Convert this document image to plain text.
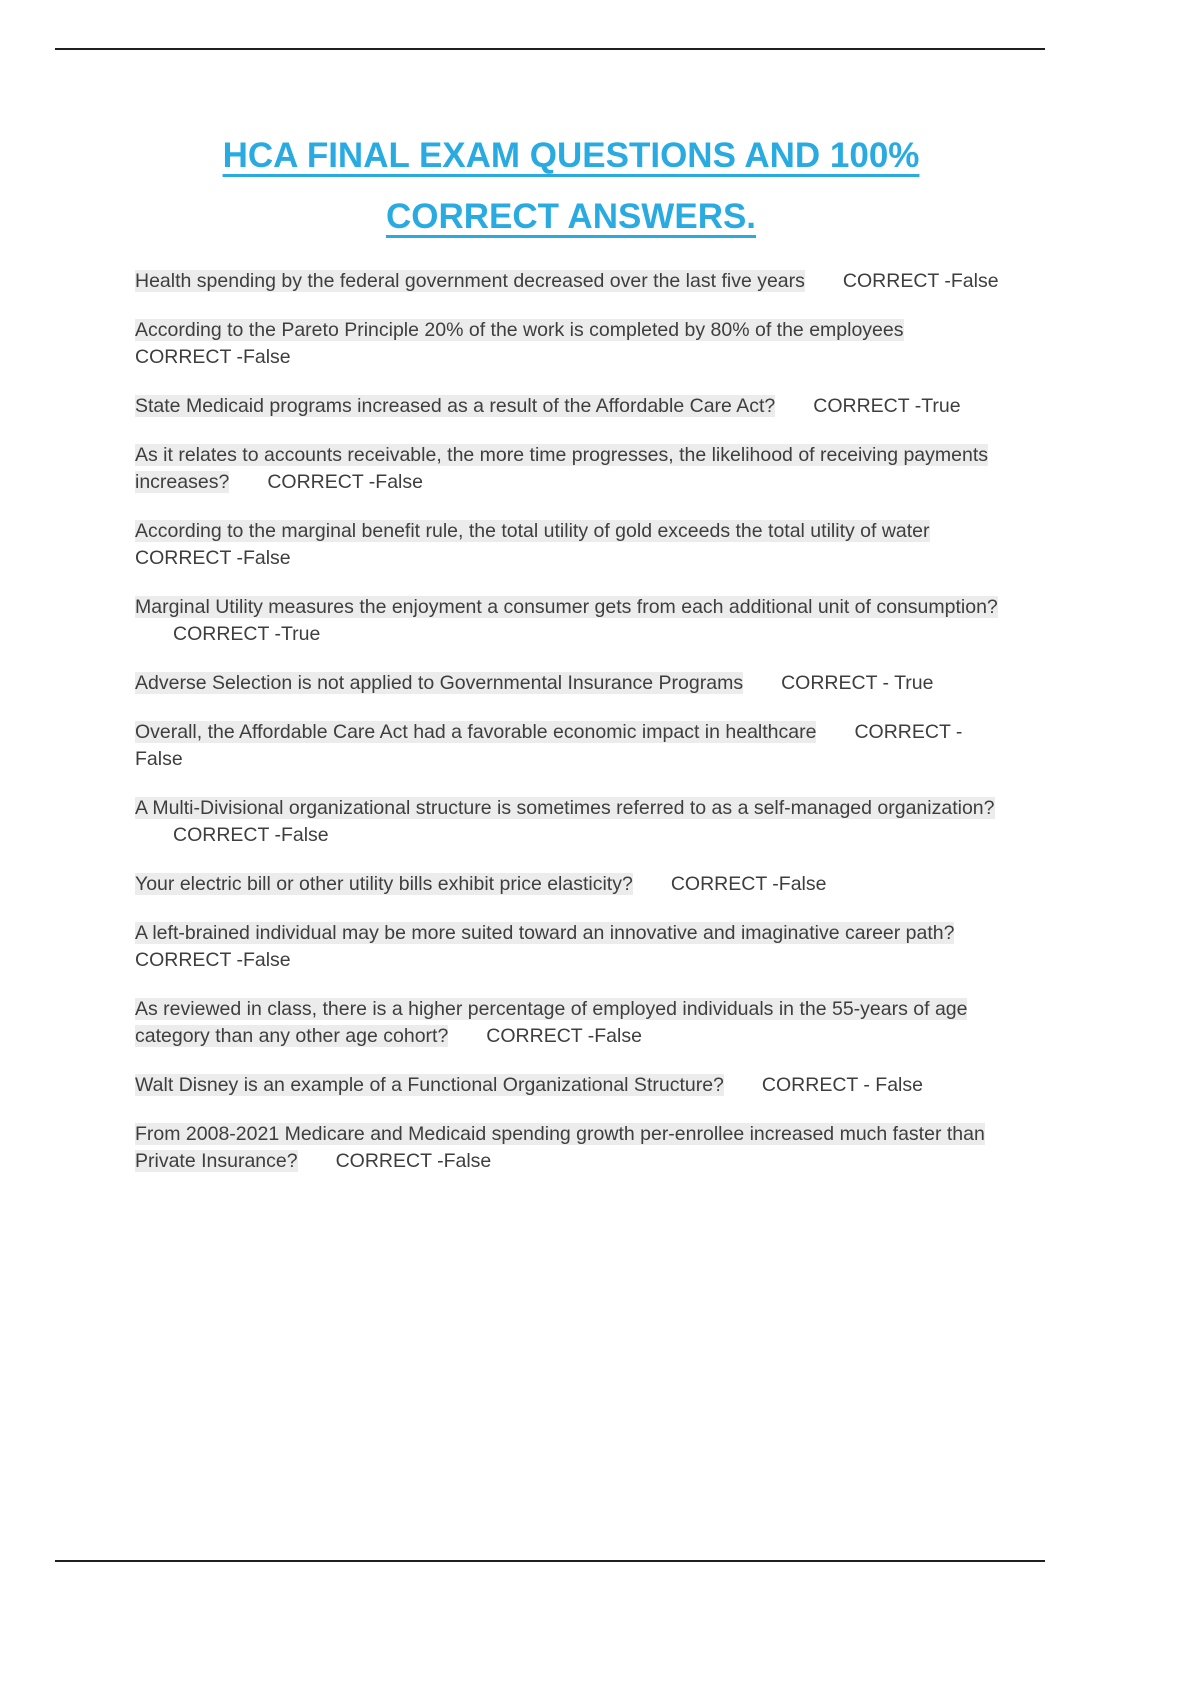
HCA FINAL EXAM QUESTIONS AND 100%
CORRECT ANSWERS.

Health spending by the federal government decreased over the last five years CORRECT -False

According to the Pareto Principle 20% of the work is completed by 80% of the employeesCORRECT -False

State Medicaid programs increased as a result of the Affordable Care Act? CORRECT -True

As it relates to accounts receivable, the more time progresses, the likelihood of receiving payments increases? CORRECT -False

According to the marginal benefit rule, the total utility of gold exceeds the total utility of waterCORRECT -False

Marginal Utility measures the enjoyment a consumer gets from each additional unit of consumption?CORRECT -True

Adverse Selection is not applied to Governmental Insurance Programs CORRECT - True

Overall, the Affordable Care Act had a favorable economic impact in healthcare CORRECT -False

A Multi-Divisional organizational structure is sometimes referred to as a self-managed organization?CORRECT -False

Your electric bill or other utility bills exhibit price elasticity? CORRECT -False

A left-brained individual may be more suited toward an innovative and imaginative career path?CORRECT -False

As reviewed in class, there is a higher percentage of employed individuals in the 55-years of age category than any other age cohort? CORRECT -False

Walt Disney is an example of a Functional Organizational Structure? CORRECT - False

From 2008-2021 Medicare and Medicaid spending growth per-enrollee increased much faster than Private Insurance? CORRECT -False
